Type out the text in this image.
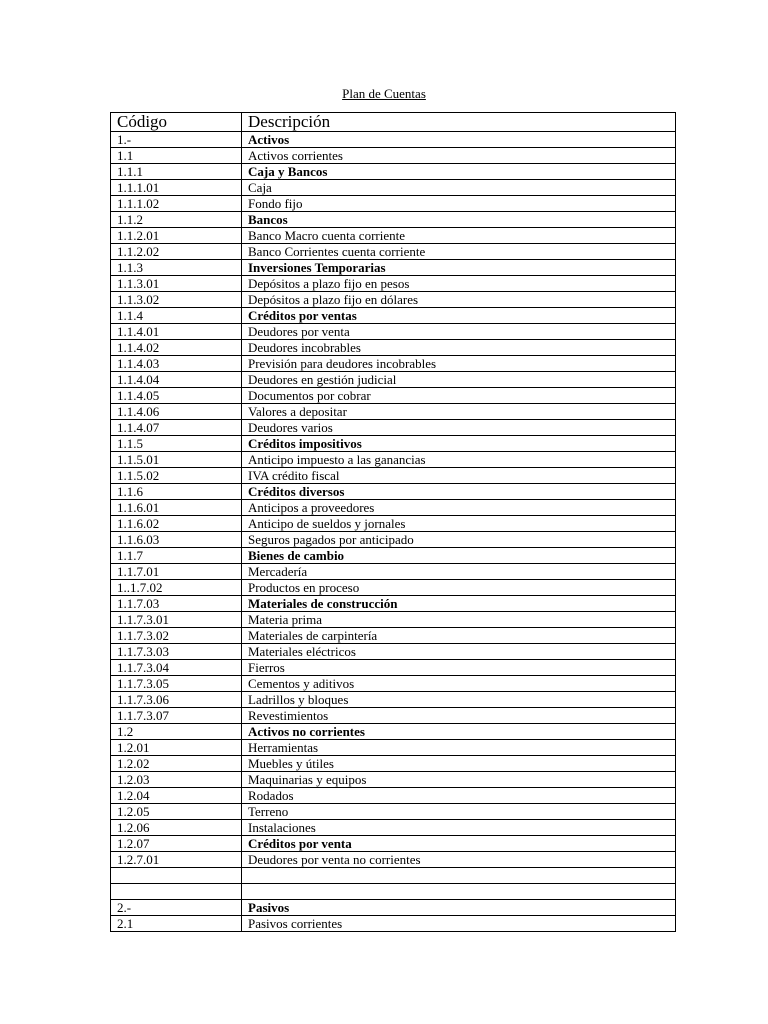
Plan de Cuentas
Código	Descripción
1.-	Activos
1.1	Activos corrientes
1.1.1	Caja y Bancos
1.1.1.01	Caja
1.1.1.02	Fondo fijo
1.1.2	Bancos
1.1.2.01	Banco Macro cuenta corriente
1.1.2.02	Banco Corrientes cuenta corriente
1.1.3	Inversiones Temporarias
1.1.3.01	Depósitos a plazo fijo en pesos
1.1.3.02	Depósitos a plazo fijo en dólares
1.1.4	Créditos por ventas
1.1.4.01	Deudores por venta
1.1.4.02	Deudores incobrables
1.1.4.03	Previsión para deudores incobrables
1.1.4.04	Deudores en gestión judicial
1.1.4.05	Documentos por cobrar
1.1.4.06	Valores a depositar
1.1.4.07	Deudores varios
1.1.5	Créditos impositivos
1.1.5.01	Anticipo impuesto a las ganancias
1.1.5.02	IVA crédito fiscal
1.1.6	Créditos diversos
1.1.6.01	Anticipos a proveedores
1.1.6.02	Anticipo de sueldos y jornales
1.1.6.03	Seguros pagados por anticipado
1.1.7	Bienes de cambio
1.1.7.01	Mercadería
1..1.7.02	Productos en proceso
1.1.7.03	Materiales de construcción
1.1.7.3.01	Materia prima
1.1.7.3.02	Materiales de carpintería
1.1.7.3.03	Materiales eléctricos
1.1.7.3.04	Fierros
1.1.7.3.05	Cementos y aditivos
1.1.7.3.06	Ladrillos y bloques
1.1.7.3.07	Revestimientos
1.2	Activos no corrientes
1.2.01	Herramientas
1.2.02	Muebles y útiles
1.2.03	Maquinarias y equipos
1.2.04	Rodados
1.2.05	Terreno
1.2.06	Instalaciones
1.2.07	Créditos por venta
1.2.7.01	Deudores por venta no corrientes

2.-	Pasivos
2.1	Pasivos corrientes
